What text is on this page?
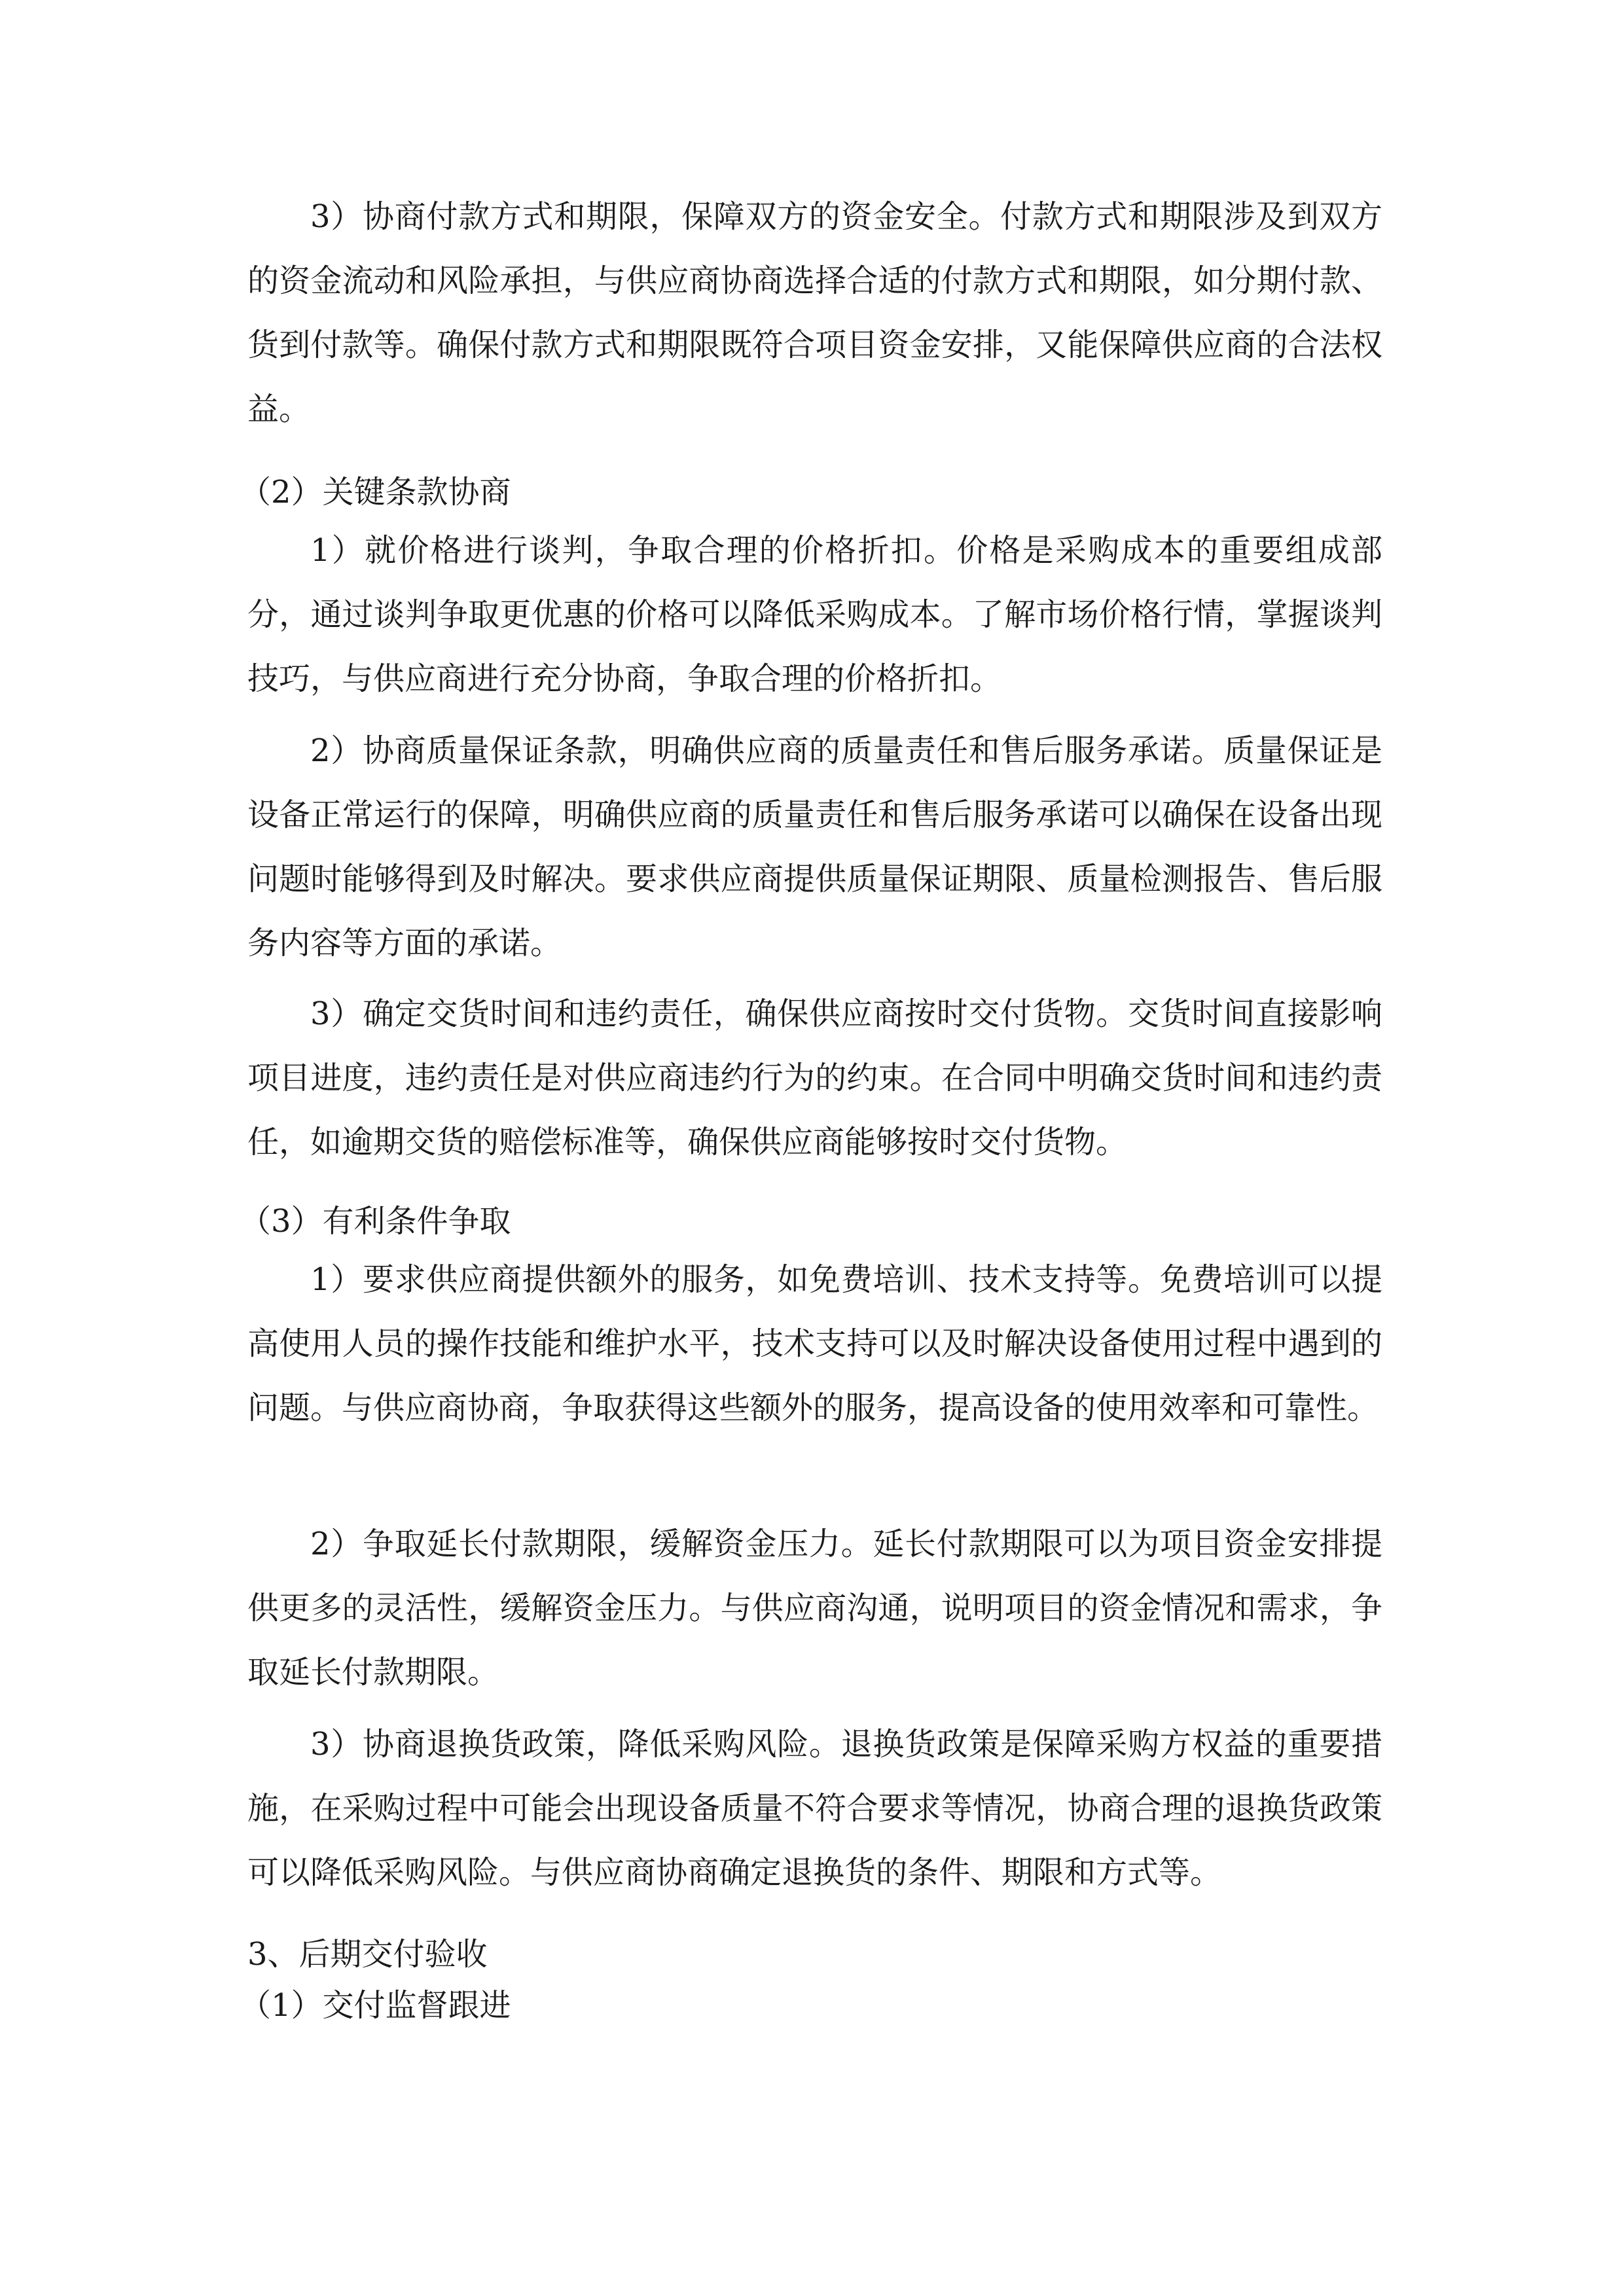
3）协商付款方式和期限，保障双方的资金安全。付款方式和期限涉及到双方的资金流动和风险承担，与供应商协商选择合适的付款方式和期限，如分期付款、货到付款等。确保付款方式和期限既符合项目资金安排，又能保障供应商的合法权益。

（2）关键条款协商

1）就价格进行谈判，争取合理的价格折扣。价格是采购成本的重要组成部分，通过谈判争取更优惠的价格可以降低采购成本。了解市场价格行情，掌握谈判技巧，与供应商进行充分协商，争取合理的价格折扣。

2）协商质量保证条款，明确供应商的质量责任和售后服务承诺。质量保证是设备正常运行的保障，明确供应商的质量责任和售后服务承诺可以确保在设备出现问题时能够得到及时解决。要求供应商提供质量保证期限、质量检测报告、售后服务内容等方面的承诺。

3）确定交货时间和违约责任，确保供应商按时交付货物。交货时间直接影响项目进度，违约责任是对供应商违约行为的约束。在合同中明确交货时间和违约责任，如逾期交货的赔偿标准等，确保供应商能够按时交付货物。

（3）有利条件争取

1）要求供应商提供额外的服务，如免费培训、技术支持等。免费培训可以提高使用人员的操作技能和维护水平，技术支持可以及时解决设备使用过程中遇到的问题。与供应商协商，争取获得这些额外的服务，提高设备的使用效率和可靠性。

2）争取延长付款期限，缓解资金压力。延长付款期限可以为项目资金安排提供更多的灵活性，缓解资金压力。与供应商沟通，说明项目的资金情况和需求，争取延长付款期限。

3）协商退换货政策，降低采购风险。退换货政策是保障采购方权益的重要措施，在采购过程中可能会出现设备质量不符合要求等情况，协商合理的退换货政策可以降低采购风险。与供应商协商确定退换货的条件、期限和方式等。

3、后期交付验收

（1）交付监督跟进
